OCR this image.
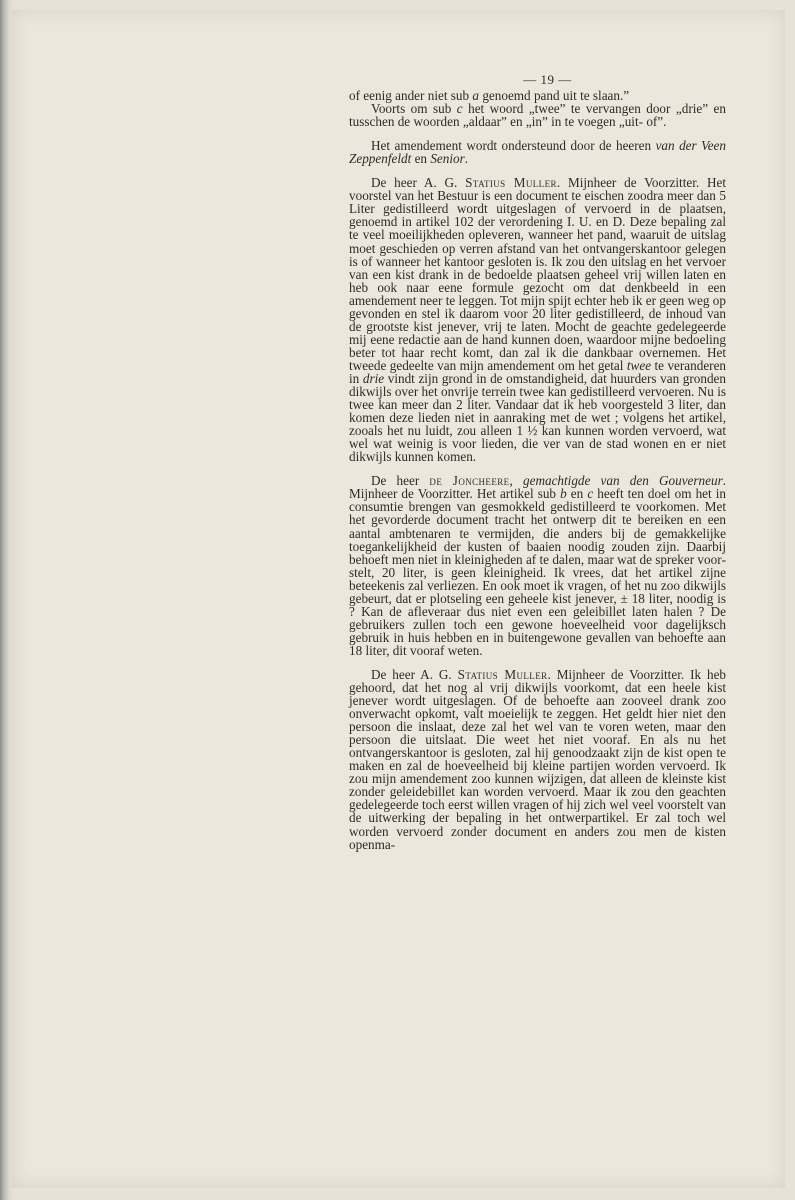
— 19 —

of eenig ander niet sub a genoemd pand uit te slaan.”

Voorts om sub c het woord „twee” te vervangen door „drie” en tusschen de woorden „aldaar” en „in” in te voegen „uit- of”.

Het amendement wordt ondersteund door de heeren van der Veen Zeppenfeldt en Senior.

De heer A. G. Statius Muller. Mijnheer de Voorzitter. Het voorstel van het Bestuur is een document te eischen zoodra meer dan 5 Liter gedistilleerd wordt uitgeslagen of vervoerd in de plaatsen, genoemd in artikel 102 der verordening I. U. en D. Deze bepaling zal te veel moeilijkheden opleveren, wanneer het pand, waaruit de uitslag moet geschieden op verren afstand van het ontvangerskantoor gelegen is of wanneer het kantoor gesloten is. Ik zou den uitslag en het vervoer van een kist drank in de bedoelde plaatsen geheel vrij willen laten en heb ook naar eene formule gezocht om dat denkbeeld in een amendement neer te leggen. Tot mijn spijt echter heb ik er geen weg op gevonden en stel ik daarom voor 20 liter gedistilleerd, de inhoud van de grootste kist jenever, vrij te laten. Mocht de geachte gedelegeerde mij eene redactie aan de hand kunnen doen, waardoor mijne bedoeling beter tot haar recht komt, dan zal ik die dankbaar overnemen. Het tweede gedeelte van mijn amendement om het getal twee te veranderen in drie vindt zijn grond in de omstandigheid, dat huurders van gronden dikwijls over het onvrije terrein twee kan gedistilleerd vervoeren. Nu is twee kan meer dan 2 liter. Vandaar dat ik heb voorgesteld 3 liter, dan komen deze lieden niet in aanraking met de wet ; volgens het artikel, zooals het nu luidt, zou alleen 1 ½ kan kunnen worden vervoerd, wat wel wat weinig is voor lieden, die ver van de stad wonen en er niet dikwijls kunnen komen.

De heer de Joncheere, gemachtigde van den Gouverneur. Mijnheer de Voorzitter. Het artikel sub b en c heeft ten doel om het in consumtie brengen van gesmokkeld gedistilleerd te voorkomen. Met het gevorderde document tracht het ontwerp dit te bereiken en een aantal ambtenaren te vermijden, die anders bij de gemakkelijke toegankelijkheid der kusten of baaien noodig zouden zijn. Daarbij behoeft men niet in kleinigheden af te dalen, maar wat de spreker voorstelt, 20 liter, is geen kleinigheid. Ik vrees, dat het artikel zijne beteekenis zal verliezen. En ook moet ik vragen, of het nu zoo dikwijls gebeurt, dat er plotseling een geheele kist jenever, ± 18 liter, noodig is ? Kan de afleveraar dus niet even een geleibillet laten halen ? De gebruikers zullen toch een gewone hoeveelheid voor dagelijksch gebruik in huis hebben en in buitengewone gevallen van behoefte aan 18 liter, dit vooraf weten.

De heer A. G. Statius Muller. Mijnheer de Voorzitter. Ik heb gehoord, dat het nog al vrij dikwijls voorkomt, dat een heele kist jenever wordt uitgeslagen. Of de behoefte aan zooveel drank zoo onverwacht opkomt, valt moeielijk te zeggen. Het geldt hier niet den persoon die inslaat, deze zal het wel van te voren weten, maar den persoon die uitslaat. Die weet het niet vooraf. En als nu het ontvangerskantoor is gesloten, zal hij genoodzaakt zijn de kist open te maken en zal de hoeveelheid bij kleine partijen worden vervoerd. Ik zou mijn amendement zoo kunnen wijzigen, dat alleen de kleinste kist zonder geleidebillet kan worden vervoerd. Maar ik zou den geachten gedelegeerde toch eerst willen vragen of hij zich wel veel voorstelt van de uitwerking der bepaling in het ontwerpartikel. Er zal toch wel worden vervoerd zonder document en anders zou men de kisten openma-
